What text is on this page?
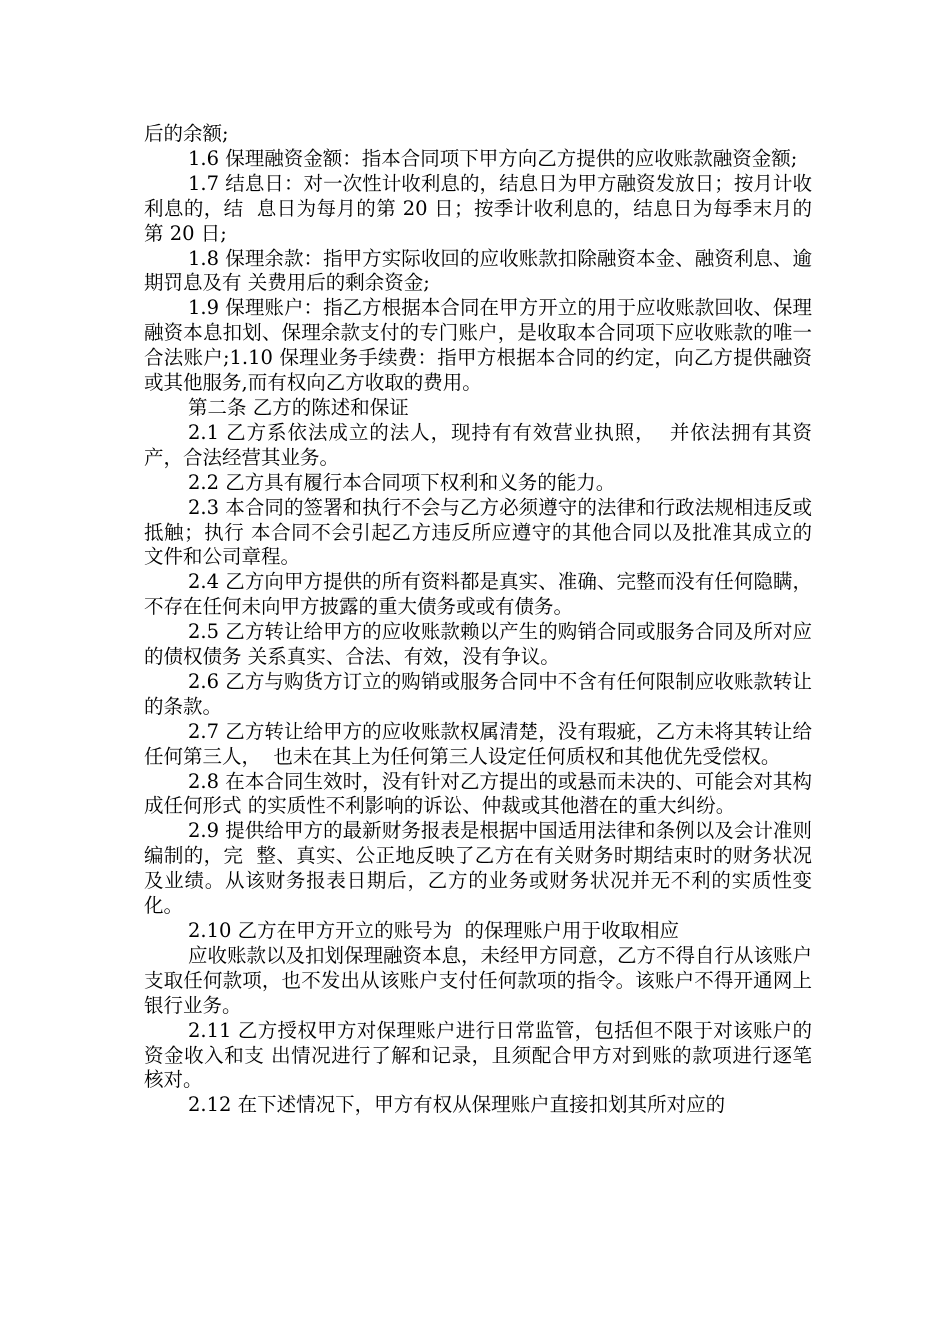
后的余额;

1.6 保理融资金额：指本合同项下甲方向乙方提供的应收账款融资金额;

1.7 结息日：对一次性计收利息的，结息日为甲方融资发放日；按月计收利息的，结  息日为每月的第 20 日；按季计收利息的，结息日为每季末月的第 20 日;

1.8 保理余款：指甲方实际收回的应收账款扣除融资本金、融资利息、逾期罚息及有 关费用后的剩余资金;

1.9 保理账户：指乙方根据本合同在甲方开立的用于应收账款回收、保理融资本息扣划、保理余款支付的专门账户，是收取本合同项下应收账款的唯一合法账户;1.10 保理业务手续费：指甲方根据本合同的约定，向乙方提供融资或其他服务,而有权向乙方收取的费用。

第二条 乙方的陈述和保证

2.1 乙方系依法成立的法人，现持有有效营业执照，  并依法拥有其资产，合法经营其业务。

2.2 乙方具有履行本合同项下权利和义务的能力。

2.3 本合同的签署和执行不会与乙方必须遵守的法律和行政法规相违反或抵触；执行 本合同不会引起乙方违反所应遵守的其他合同以及批准其成立的文件和公司章程。

2.4 乙方向甲方提供的所有资料都是真实、准确、完整而没有任何隐瞒，不存在任何未向甲方披露的重大债务或或有债务。

2.5 乙方转让给甲方的应收账款赖以产生的购销合同或服务合同及所对应的债权债务 关系真实、合法、有效，没有争议。

2.6 乙方与购货方订立的购销或服务合同中不含有任何限制应收账款转让的条款。

2.7 乙方转让给甲方的应收账款权属清楚，没有瑕疵，乙方未将其转让给任何第三人，  也未在其上为任何第三人设定任何质权和其他优先受偿权。

2.8 在本合同生效时，没有针对乙方提出的或悬而未决的、可能会对其构成任何形式 的实质性不利影响的诉讼、仲裁或其他潜在的重大纠纷。

2.9 提供给甲方的最新财务报表是根据中国适用法律和条例以及会计准则编制的，完  整、真实、公正地反映了乙方在有关财务时期结束时的财务状况及业绩。从该财务报表日期后，乙方的业务或财务状况并无不利的实质性变化。

2.10 乙方在甲方开立的账号为  的保理账户用于收取相应

应收账款以及扣划保理融资本息，未经甲方同意，乙方不得自行从该账户支取任何款项，也不发出从该账户支付任何款项的指令。该账户不得开通网上银行业务。

2.11 乙方授权甲方对保理账户进行日常监管，包括但不限于对该账户的资金收入和支 出情况进行了解和记录，且须配合甲方对到账的款项进行逐笔核对。

2.12 在下述情况下，甲方有权从保理账户直接扣划其所对应的
